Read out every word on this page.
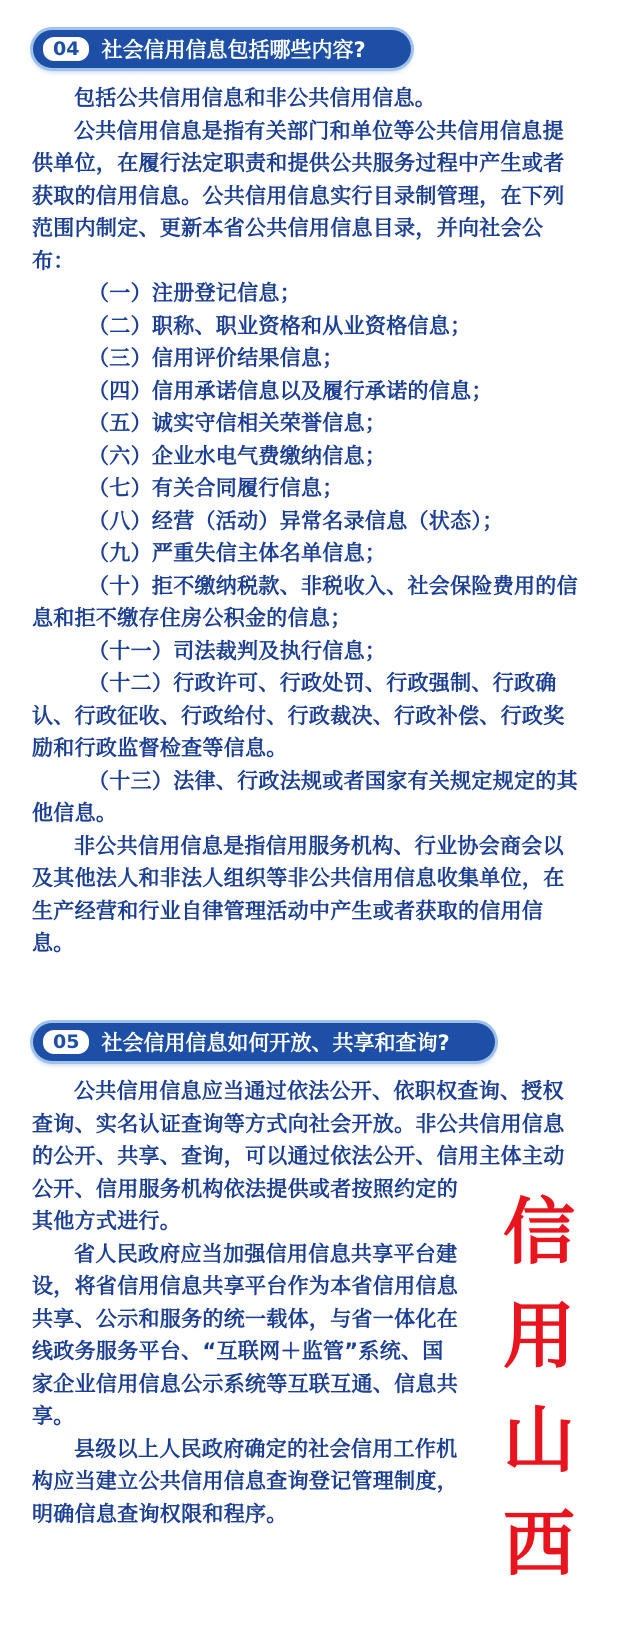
04	社会信用信息包括哪些内容?

包括公共信用信息和非公共信用信息。

公共信用信息是指有关部门和单位等公共信用信息提供单位，在履行法定职责和提供公共服务过程中产生或者获取的信用信息。公共信用信息实行目录制管理，在下列范围内制定、更新本省公共信用信息目录，并向社会公布：

（一）注册登记信息；

（二）职称、职业资格和从业资格信息；

（三）信用评价结果信息；

（四）信用承诺信息以及履行承诺的信息；

（五）诚实守信相关荣誉信息；

（六）企业水电气费缴纳信息；

（七）有关合同履行信息；

（八）经营（活动）异常名录信息（状态）；

（九）严重失信主体名单信息；

（十）拒不缴纳税款、非税收入、社会保险费用的信息和拒不缴存住房公积金的信息；

（十一）司法裁判及执行信息；

（十二）行政许可、行政处罚、行政强制、行政确认、行政征收、行政给付、行政裁决、行政补偿、行政奖励和行政监督检查等信息。

（十三）法律、行政法规或者国家有关规定规定的其他信息。

非公共信用信息是指信用服务机构、行业协会商会以及其他法人和非法人组织等非公共信用信息收集单位，在生产经营和行业自律管理活动中产生或者获取的信用信息。

05	社会信用信息如何开放、共享和查询?

公共信用信息应当通过依法公开、依职权查询、授权

查询、实名认证查询等方式向社会开放。非公共信用信息

的公开、共享、查询，可以通过依法公开、信用主体主动

公开、信用服务机构依法提供或者按照约定的

其他方式进行。

省人民政府应当加强信用信息共享平台建

设，将省信用信息共享平台作为本省信用信息

共享、公示和服务的统一载体，与省一体化在

线政务服务平台、“互联网＋监管”系统、国

家企业信用信息公示系统等互联互通、信息共

享。

县级以上人民政府确定的社会信用工作机

构应当建立公共信用信息查询登记管理制度，

明确信息查询权限和程序。

信
用
山
西
